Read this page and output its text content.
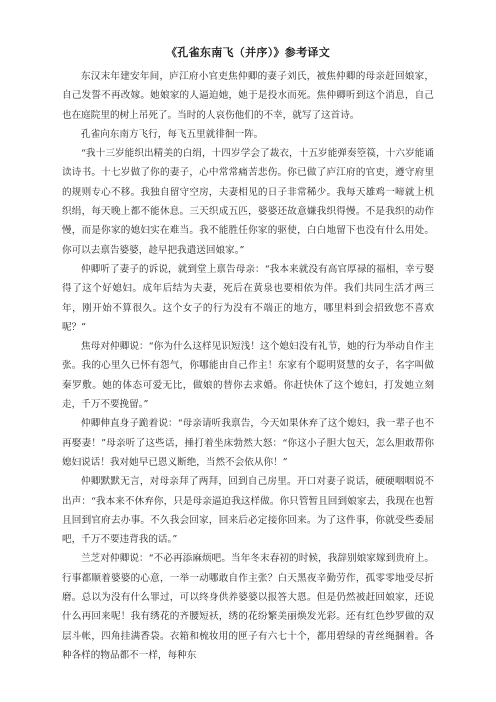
《孔雀东南飞（并序）》参考译文

东汉末年建安年间，庐江府小官吏焦仲卿的妻子刘氏，被焦仲卿的母亲赶回娘家，自己发誓不再改嫁。她娘家的人逼迫她，她于是投水而死。焦仲卿听到这个消息，自己也在庭院里的树上吊死了。当时的人哀伤他们的不幸，就写了这首诗。

孔雀向东南方飞行，每飞五里就徘徊一阵。

“我十三岁能织出精美的白绢，十四岁学会了裁衣，十五岁能弹奏箜篌，十六岁能诵读诗书。十七岁做了你的妻子，心中常常痛苦悲伤。你已做了庐江府的官吏，遵守府里的规则专心不移。我独自留守空房，夫妻相见的日子非常稀少。我每天雄鸡一啼就上机织绢，每天晚上都不能休息。三天织成五匹，婆婆还故意嫌我织得慢。不是我织的动作慢，而是你家的媳妇实在难当。我不能胜任你家的驱使，白白地留下也没有什么用处。你可以去禀告婆婆，趁早把我遣送回娘家。”

仲卿听了妻子的诉说，就到堂上禀告母亲：“我本来就没有高官厚禄的福相，幸亏娶得了这个好媳妇。成年后结为夫妻，死后在黄泉也要相依为伴。我们共同生活才两三年，刚开始不算很久。这个女子的行为没有不端正的地方，哪里料到会招致您不喜欢呢？”

焦母对仲卿说：“你为什么这样见识短浅！这个媳妇没有礼节，她的行为举动自作主张。我的心里久已怀有怨气，你哪能由自己作主！东家有个聪明贤慧的女子，名字叫做秦罗敷。她的体态可爱无比，做娘的替你去求婚。你赶快休了这个媳妇，打发她立刻走，千万不要挽留。”

仲卿伸直身子跪着说：“母亲请听我禀告，今天如果休弃了这个媳妇，我一辈子也不再娶妻！”母亲听了这些话，捶打着坐床勃然大怒：“你这小子胆大包天，怎么胆敢帮你媳妇说话！我对她早已恩义断绝，当然不会依从你！”

仲卿默默无言，对母亲拜了两拜，回到自己房里。开口对妻子说话，硬硬咽咽说不出声：“我本来不休弃你，只是母亲逼迫我这样做。你只管暂且回到娘家去，我现在也暂且回到官府去办事。不久我会回家，回来后必定接你回来。为了这件事，你就受些委屈吧，千万不要违背我的话。”

兰芝对仲卿说：“不必再添麻烦吧。当年冬末春初的时候，我辞别娘家嫁到贵府上。行事都顺着婆婆的心意，一举一动哪敢自作主张？白天黑夜辛勤劳作，孤零零地受尽折磨。总以为没有什么罪过，可以终身供养婆婆以报答大恩。但是仍然被赶回娘家，还说什么再回来呢！我有绣花的齐腰短袄，绣的花纷繁美丽焕发光彩。还有红色纱罗做的双层斗帐，四角挂满香袋。衣箱和梳妆用的匣子有六七十个，都用碧绿的青丝绳捆着。各种各样的物品都不一样，每种东
